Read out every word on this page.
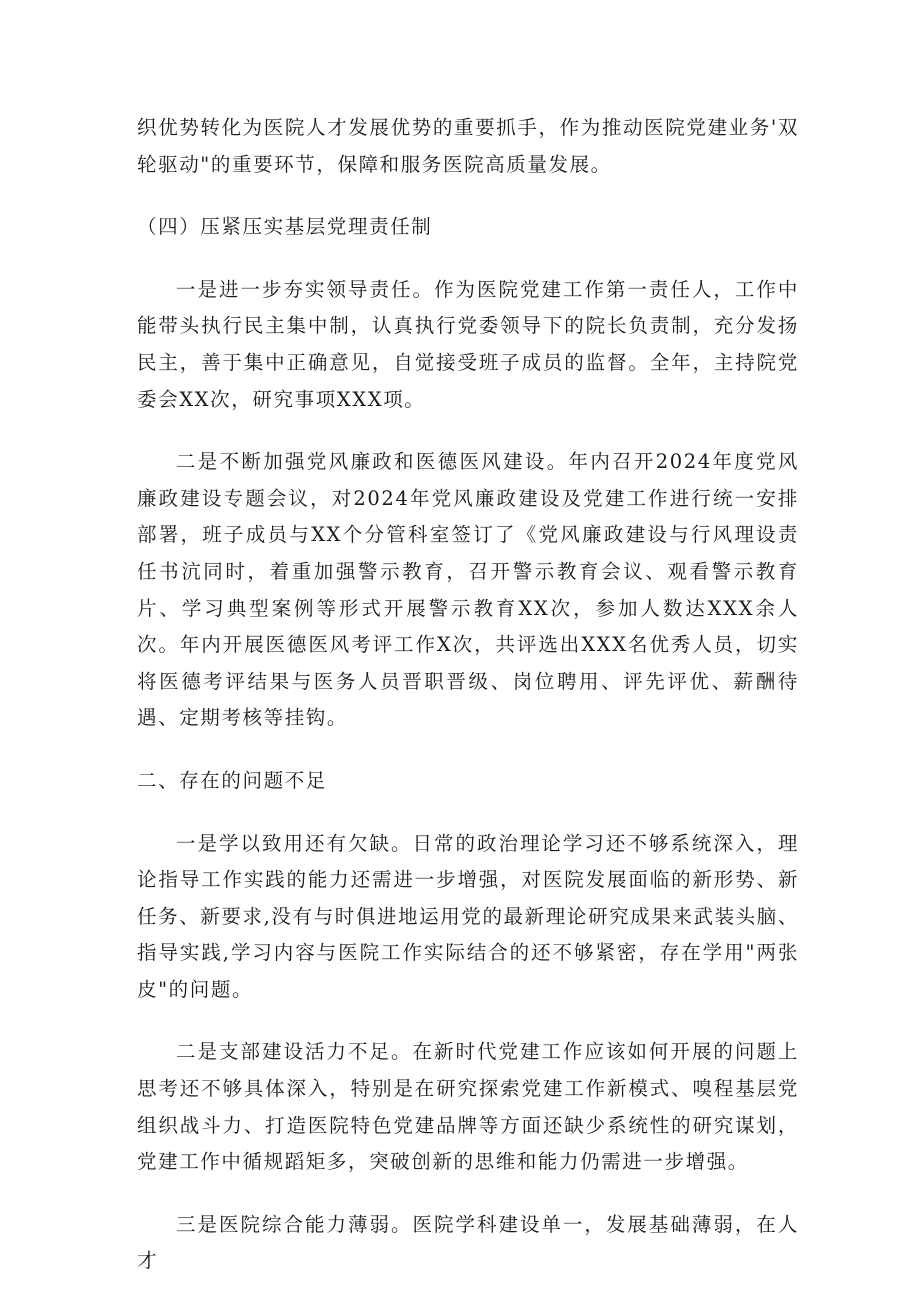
织优势转化为医院人才发展优势的重要抓手，作为推动医院党建业务'双轮驱动"的重要环节，保障和服务医院高质量发展。

（四）压紧压实基层党理责任制

一是进一步夯实领导责任。作为医院党建工作第一责任人，工作中能带头执行民主集中制，认真执行党委领导下的院长负责制，充分发扬民主，善于集中正确意见，自觉接受班子成员的监督。全年，主持院党委会XX次，研究事项XXX项。

二是不断加强党风廉政和医德医风建设。年内召开2024年度党风廉政建设专题会议，对2024年党风廉政建设及党建工作进行统一安排部署，班子成员与XX个分管科室签订了《党风廉政建设与行风理设责任书沆同时，着重加强警示教育，召开警示教育会议、观看警示教育片、学习典型案例等形式开展警示教育XX次，参加人数达XXX余人次。年内开展医德医风考评工作X次，共评选出XXX名优秀人员，切实将医德考评结果与医务人员晋职晋级、岗位聘用、评先评优、薪酬待遇、定期考核等挂钩。

二、存在的问题不足

一是学以致用还有欠缺。日常的政治理论学习还不够系统深入，理论指导工作实践的能力还需进一步增强，对医院发展面临的新形势、新任务、新要求,没有与时俱进地运用党的最新理论研究成果来武装头脑、指导实践,学习内容与医院工作实际结合的还不够紧密，存在学用"两张皮"的问题。

二是支部建设活力不足。在新时代党建工作应该如何开展的问题上思考还不够具体深入，特别是在研究探索党建工作新模式、嗅程基层党组织战斗力、打造医院特色党建品牌等方面还缺少系统性的研究谋划，党建工作中循规蹈矩多，突破创新的思维和能力仍需进一步增强。

三是医院综合能力薄弱。医院学科建设单一，发展基础薄弱，在人才
